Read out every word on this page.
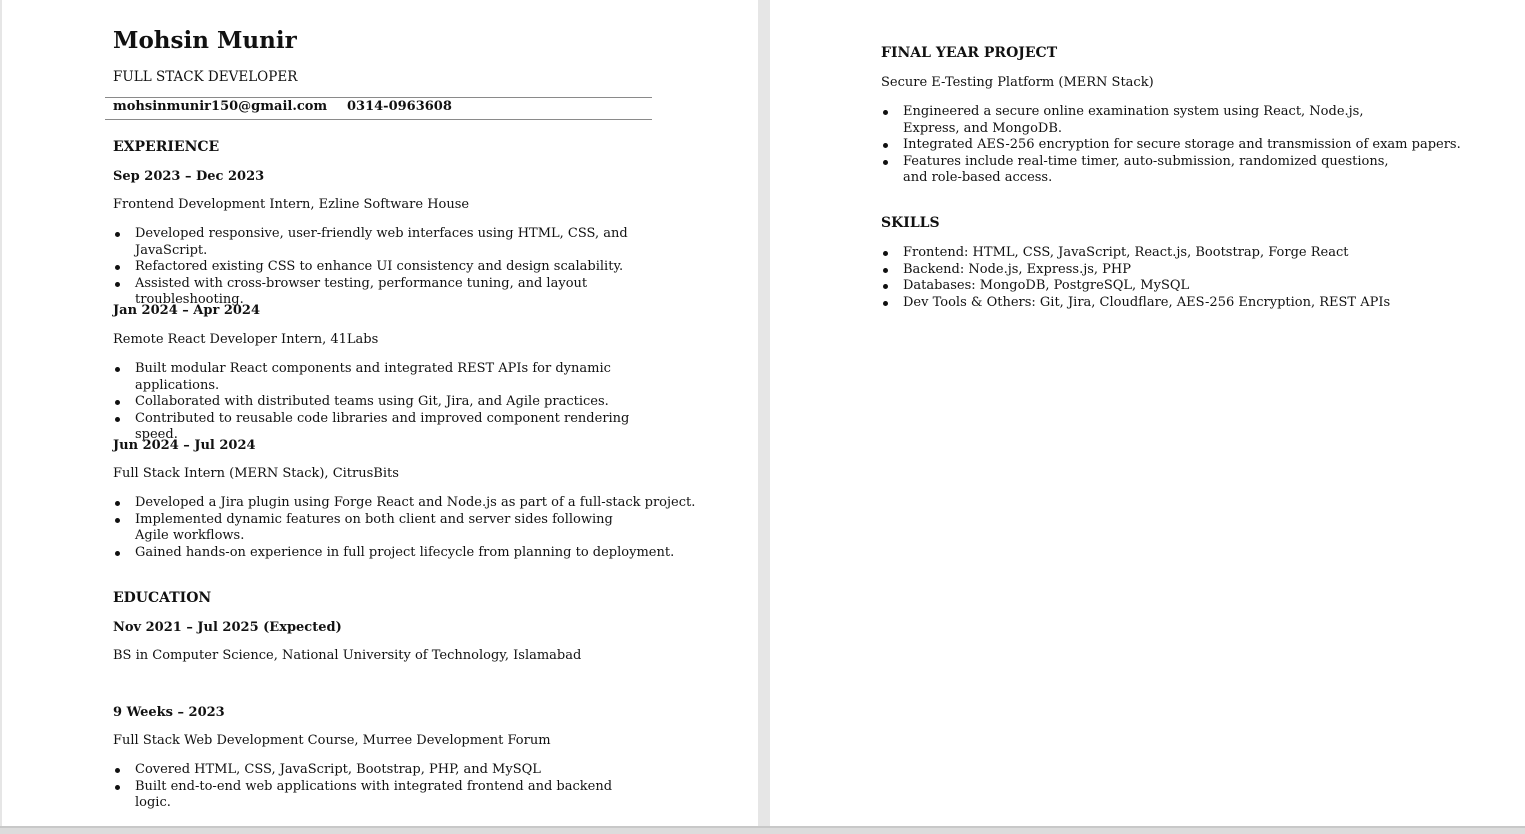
Mohsin Munir
FULL STACK DEVELOPER
mohsinmunir150@gmail.com 0314-0963608
EXPERIENCE
Sep 2023 – Dec 2023
Frontend Development Intern, Ezline Software House
Developed responsive, user-friendly web interfaces using HTML, CSS, and JavaScript.
Refactored existing CSS to enhance UI consistency and design scalability.
Assisted with cross-browser testing, performance tuning, and layout troubleshooting.
Jan 2024 – Apr 2024
Remote React Developer Intern, 41Labs
Built modular React components and integrated REST APIs for dynamic applications.
Collaborated with distributed teams using Git, Jira, and Agile practices.
Contributed to reusable code libraries and improved component rendering speed.
Jun 2024 – Jul 2024
Full Stack Intern (MERN Stack), CitrusBits
Developed a Jira plugin using Forge React and Node.js as part of a full-stack project.
Implemented dynamic features on both client and server sides following Agile workflows.
Gained hands-on experience in full project lifecycle from planning to deployment.
EDUCATION
Nov 2021 – Jul 2025 (Expected)
BS in Computer Science, National University of Technology, Islamabad
9 Weeks – 2023
Full Stack Web Development Course, Murree Development Forum
Covered HTML, CSS, JavaScript, Bootstrap, PHP, and MySQL
Built end-to-end web applications with integrated frontend and backend logic.
FINAL YEAR PROJECT
Secure E-Testing Platform (MERN Stack)
Engineered a secure online examination system using React, Node.js, Express, and MongoDB.
Integrated AES-256 encryption for secure storage and transmission of exam papers.
Features include real-time timer, auto-submission, randomized questions, and role-based access.
SKILLS
Frontend: HTML, CSS, JavaScript, React.js, Bootstrap, Forge React
Backend: Node.js, Express.js, PHP
Databases: MongoDB, PostgreSQL, MySQL
Dev Tools & Others: Git, Jira, Cloudflare, AES-256 Encryption, REST APIs
